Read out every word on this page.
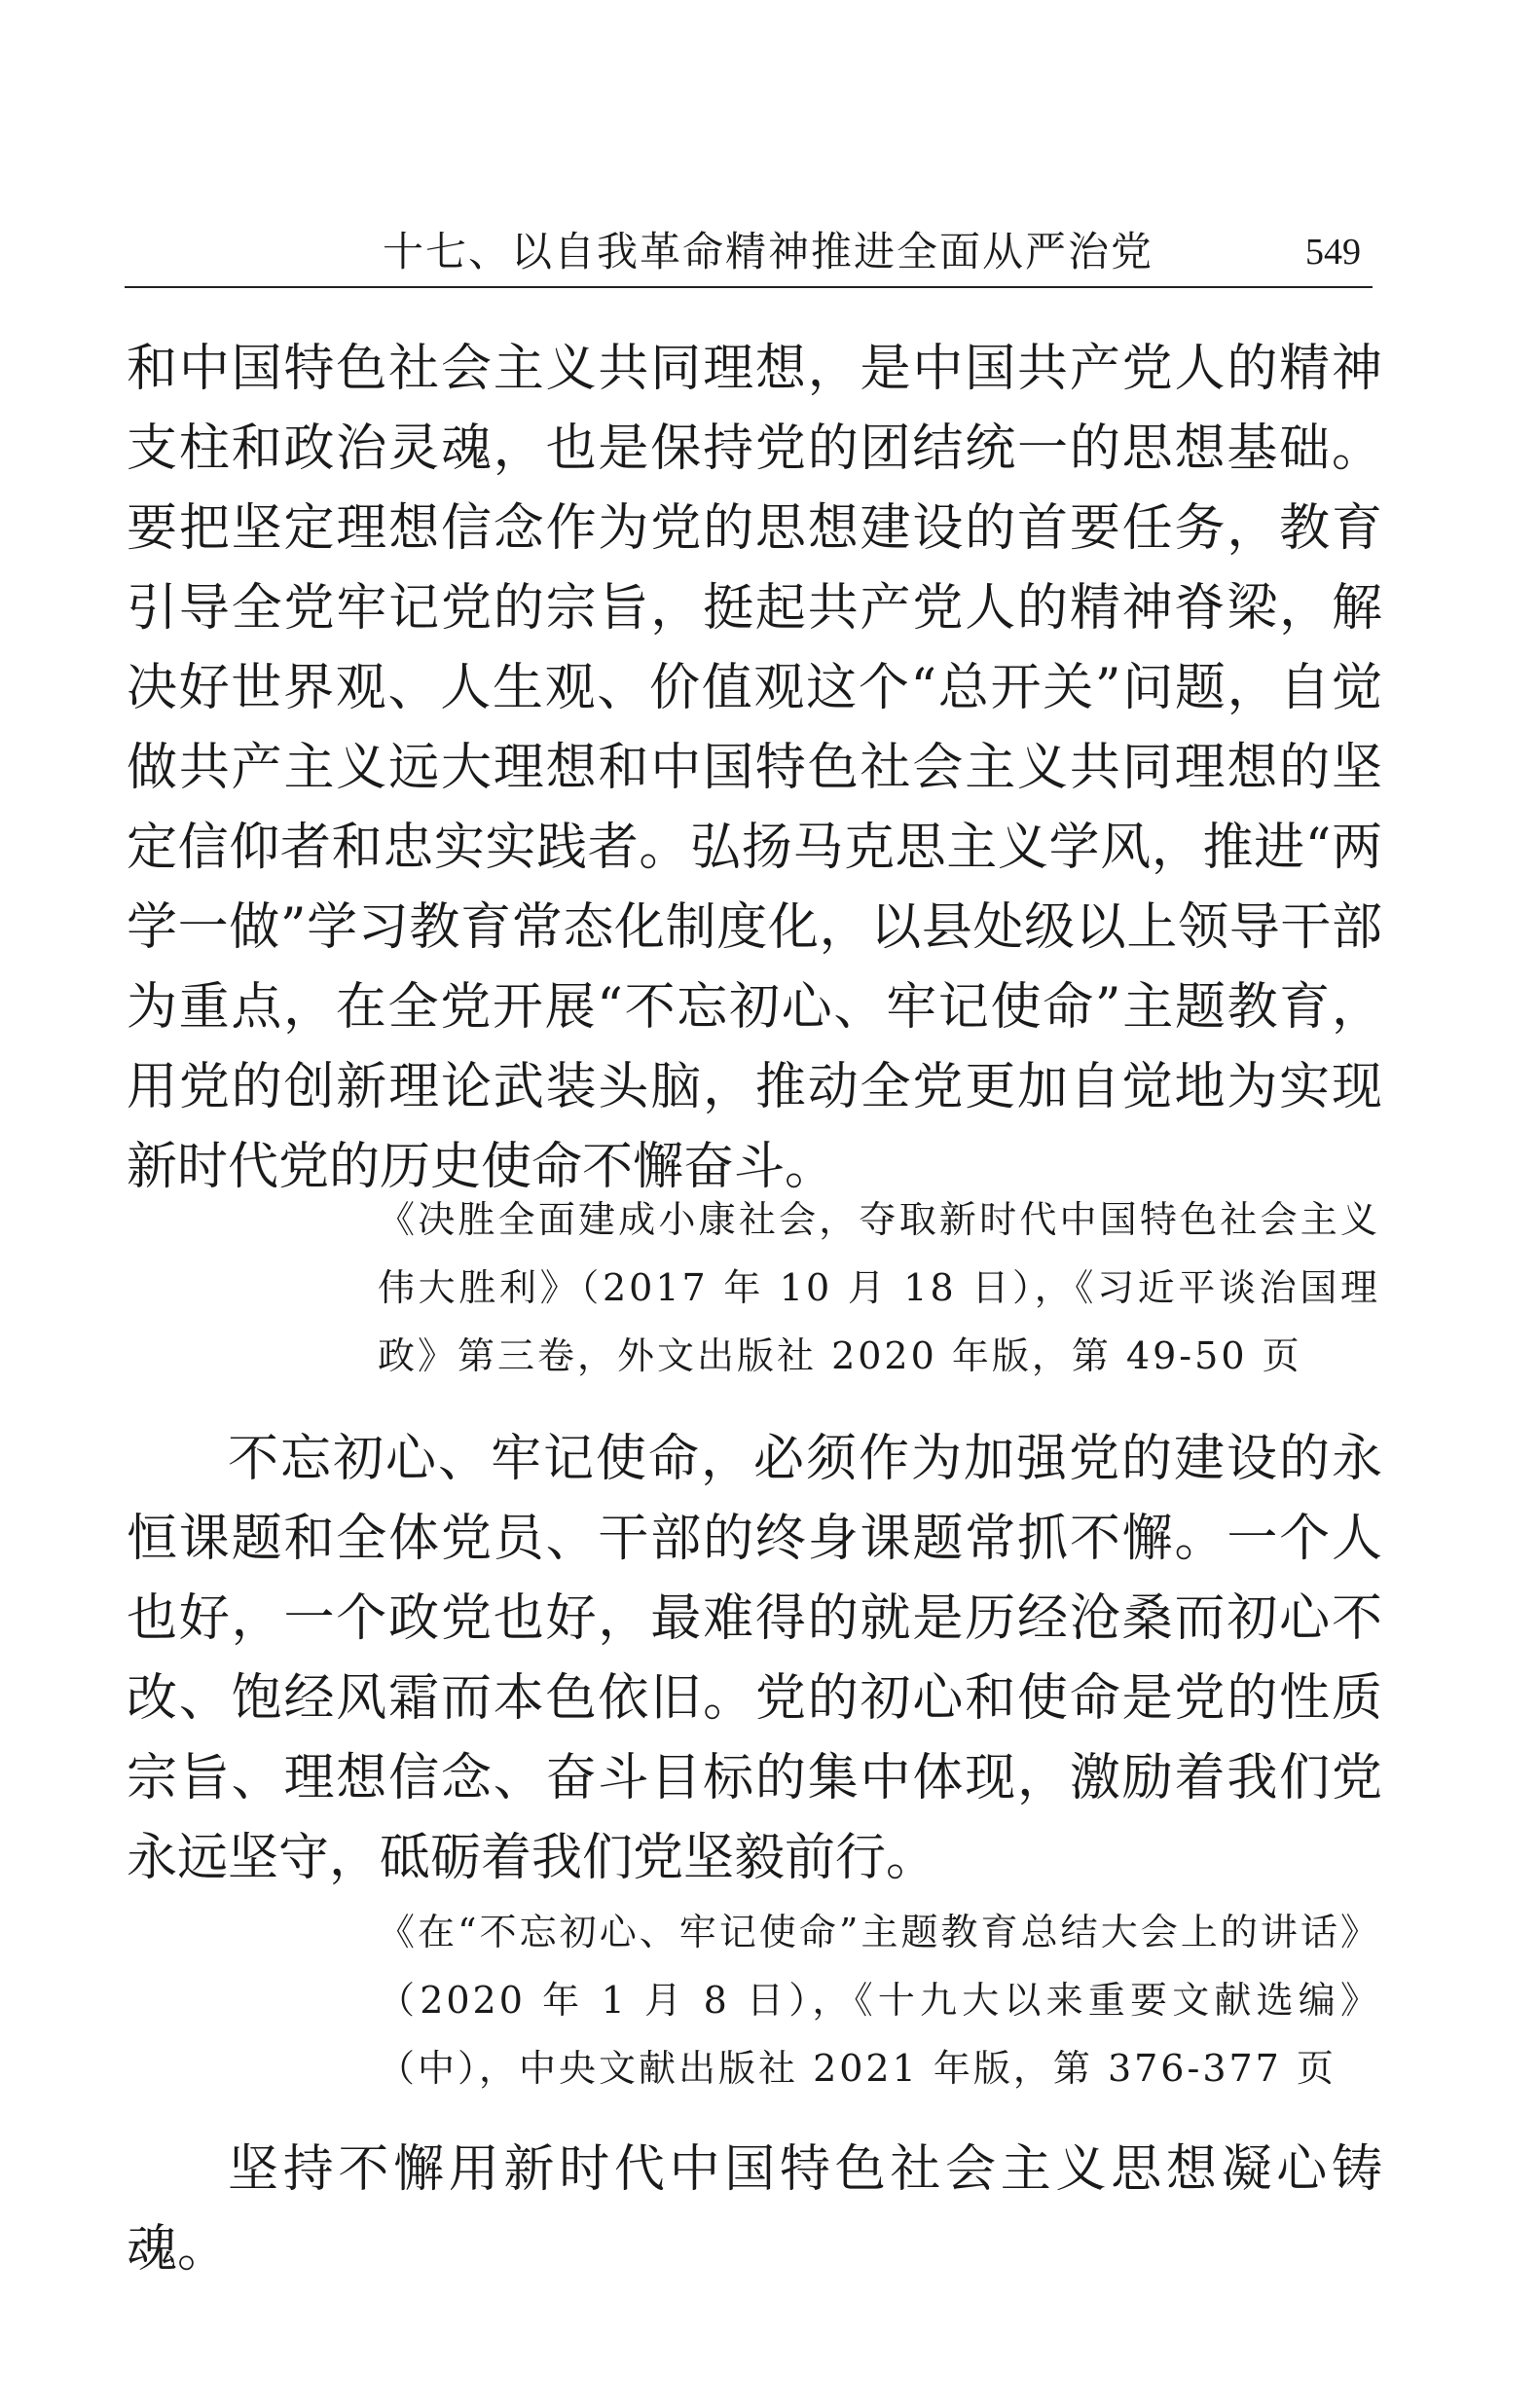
十七、以自我革命精神推进全面从严治党	549

和中国特色社会主义共同理想，是中国共产党人的精神支柱和政治灵魂，也是保持党的团结统一的思想基础。要把坚定理想信念作为党的思想建设的首要任务，教育引导全党牢记党的宗旨，挺起共产党人的精神脊梁，解决好世界观、人生观、价值观这个“总开关”问题，自觉做共产主义远大理想和中国特色社会主义共同理想的坚定信仰者和忠实实践者。弘扬马克思主义学风，推进“两学一做”学习教育常态化制度化，以县处级以上领导干部为重点，在全党开展“不忘初心、牢记使命”主题教育，用党的创新理论武装头脑，推动全党更加自觉地为实现新时代党的历史使命不懈奋斗。

《决胜全面建成小康社会，夺取新时代中国特色社会主义伟大胜利》（2017 年 10 月 18 日），《习近平谈治国理政》第三卷，外文出版社 2020 年版，第 49-50 页

不忘初心、牢记使命，必须作为加强党的建设的永恒课题和全体党员、干部的终身课题常抓不懈。一个人也好，一个政党也好，最难得的就是历经沧桑而初心不改、饱经风霜而本色依旧。党的初心和使命是党的性质宗旨、理想信念、奋斗目标的集中体现，激励着我们党永远坚守，砥砺着我们党坚毅前行。

《在“不忘初心、牢记使命”主题教育总结大会上的讲话》（2020 年 1 月 8 日），《十九大以来重要文献选编》（中），中央文献出版社 2021 年版，第 376-377 页

坚持不懈用新时代中国特色社会主义思想凝心铸魂。
